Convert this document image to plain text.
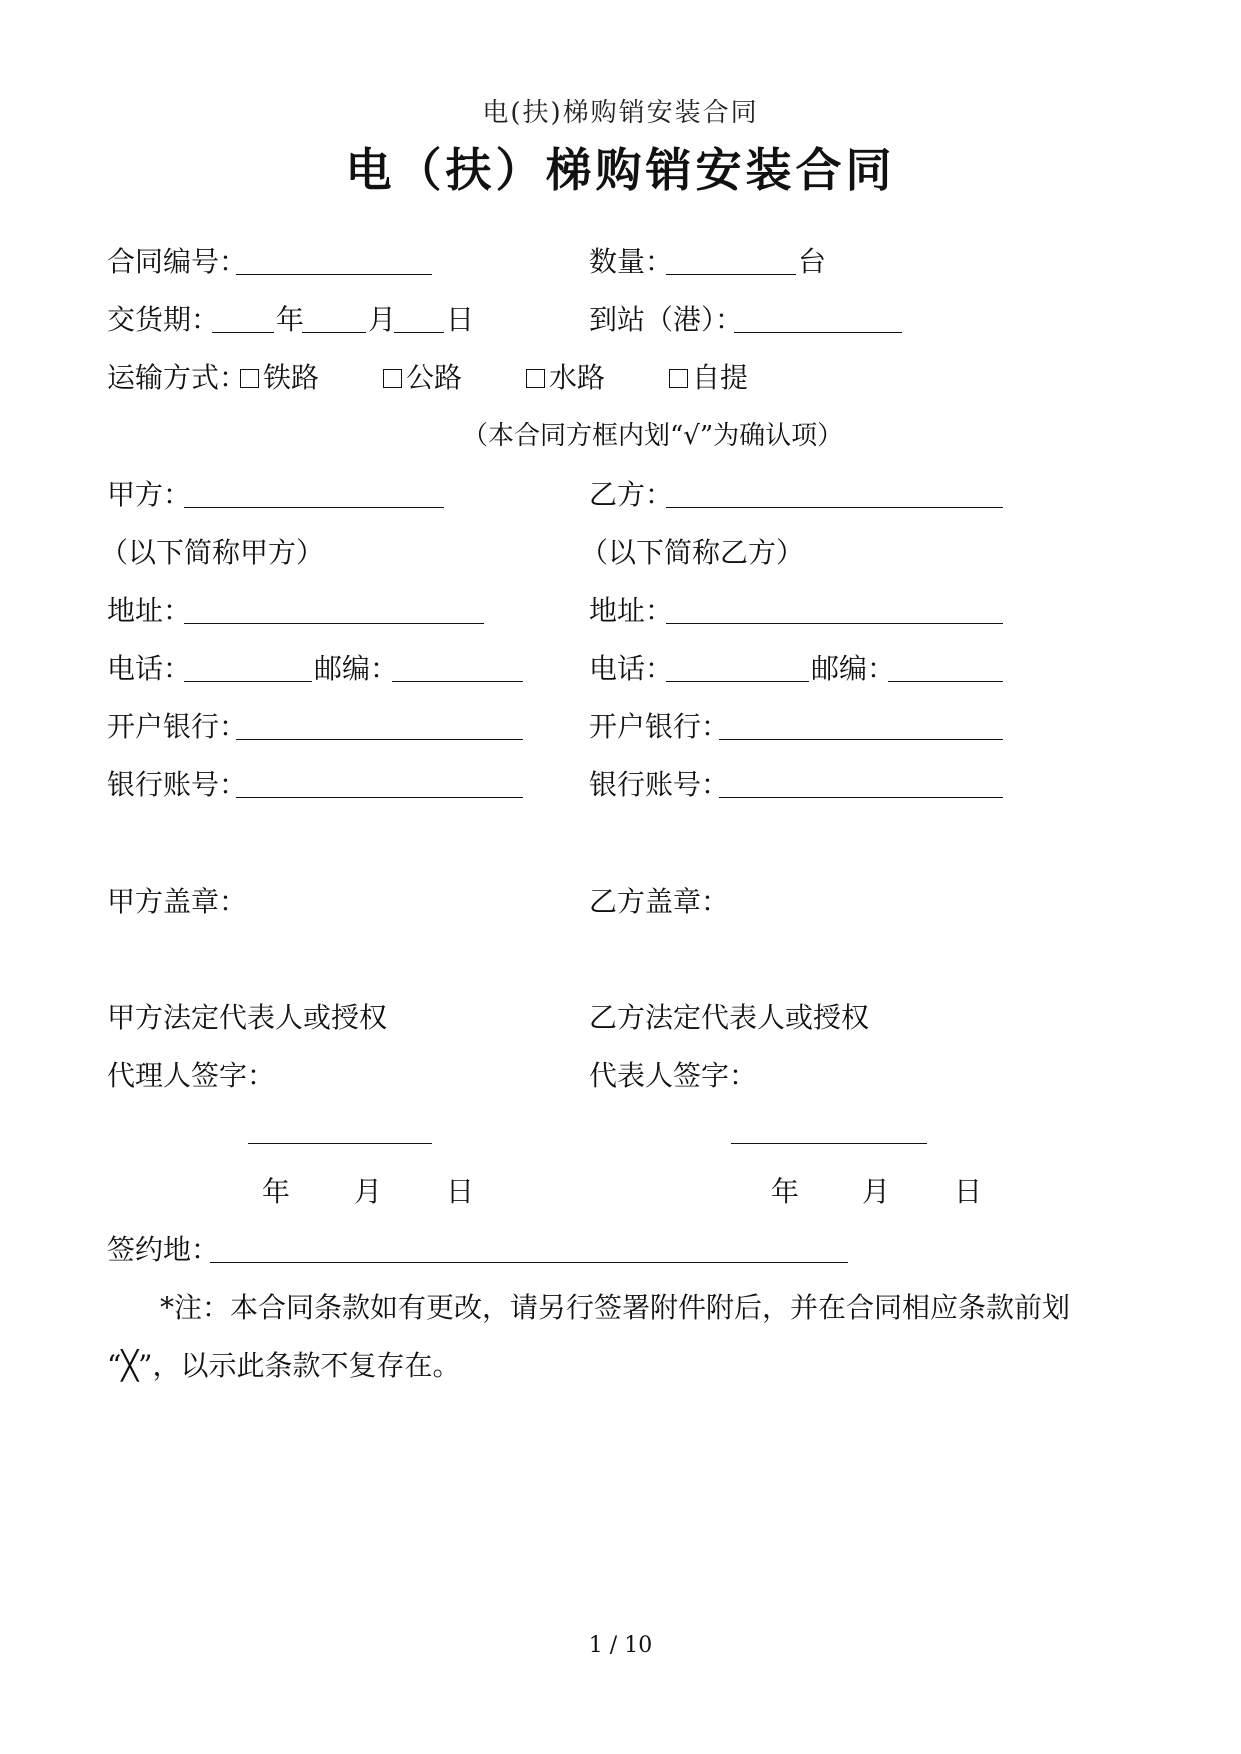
电(扶)梯购销安装合同
电（扶）梯购销安装合同
合同编号：	数量：	台
交货期： 年 月 日	到站（港）：
运输方式： 铁路	公路	水路	自提
（本合同方框内划“√”为确认项）
甲方：	乙方：
（以下简称甲方）	（以下简称乙方）
地址：	地址：
电话：	邮编：	电话：	邮编：
开户银行：	开户银行：
银行账号：	银行账号：
甲方盖章：	乙方盖章：
甲方法定代表人或授权	乙方法定代表人或授权
代理人签字：	代表人签字：
年 月 日	年 月 日
签约地：
*注：本合同条款如有更改，请另行签署附件附后，并在合同相应条款前划
“╳”，以示此条款不复存在。
1 / 10
